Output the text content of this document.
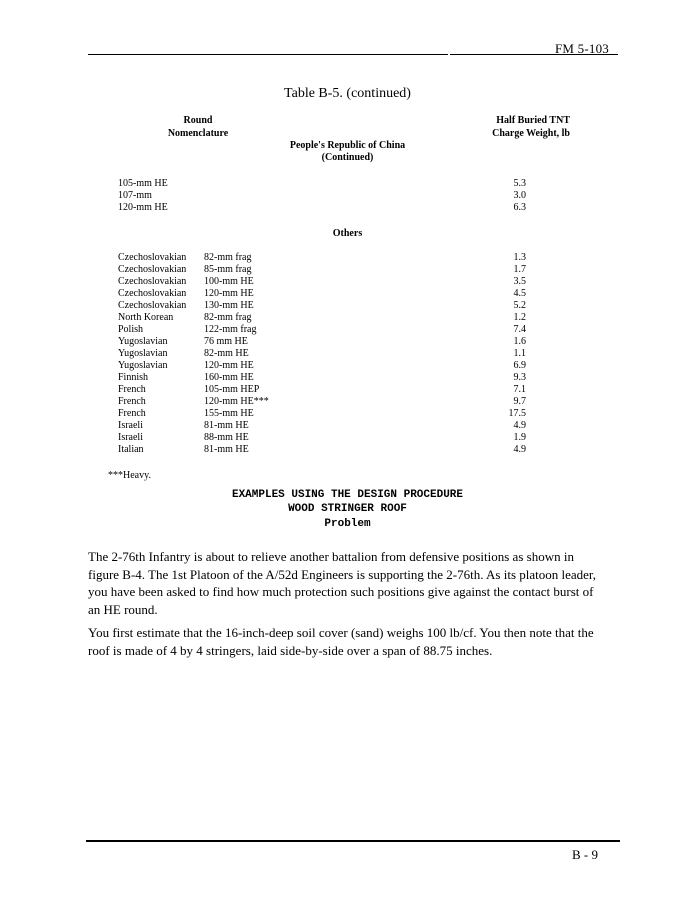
FM 5-103
Table B-5. (continued)
Round
Nomenclature
Half Buried TNT
Charge Weight, lb
People's Republic of China
(Continued)
105-mm HE	5.3
107-mm	3.0
120-mm HE	6.3
Others
Czechoslovakian 82-mm frag	1.3
Czechoslovakian 85-mm frag	1.7
Czechoslovakian 100-mm HE	3.5
Czechoslovakian 120-mm HE	4.5
Czechoslovakian 130-mm HE	5.2
North Korean	82-mm frag	1.2
Polish	122-mm frag	7.4
Yugoslavian	76 mm HE	1.6
Yugoslavian	82-mm HE	1.1
Yugoslavian	120-mm HE	6.9
Finnish	160-mm HE	9.3
French	105-mm HEP	7.1
French	120-mm HE***	9.7
French	155-mm HE	17.5
Israeli	81-mm HE	4.9
Israeli	88-mm HE	1.9
Italian	81-mm HE	4.9
***Heavy.
EXAMPLES USING THE DESIGN PROCEDURE
WOOD STRINGER ROOF
Problem

The 2-76th Infantry is about to relieve another battalion from defensive positions as shown in figure B-4. The 1st Platoon of the A/52d Engineers is supporting the 2-76th. As its platoon leader, you have been asked to find how much protection such positions give against the contact burst of an HE round.

You first estimate that the 16-inch-deep soil cover (sand) weighs 100 lb/cf. You then note that the roof is made of 4 by 4 stringers, laid side-by-side over a span of 88.75 inches.

B - 9
